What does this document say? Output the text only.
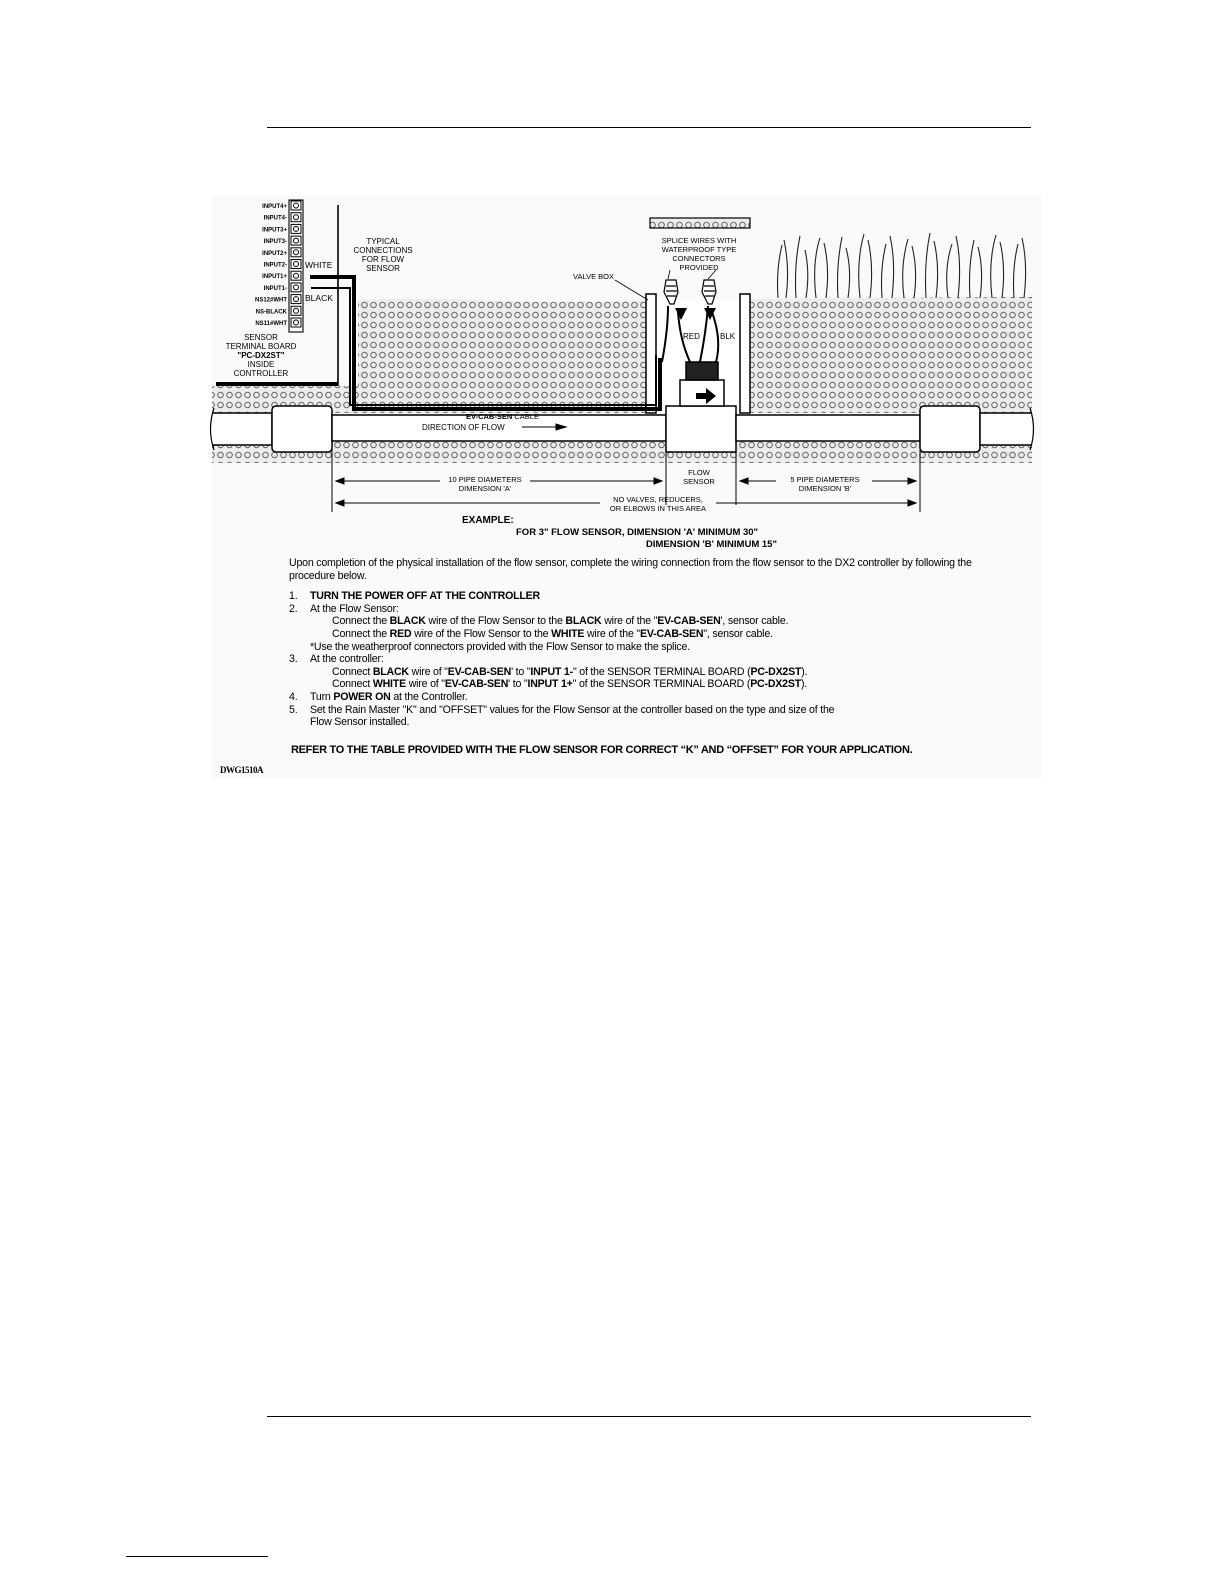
INPUT4+
INPUT4-
INPUT3+
INPUT3-
INPUT2+
INPUT2-
INPUT1+
INPUT1-
NS12#WHT
NS-BLACK
NS11#WHT
WHITE
BLACK
SENSOR
TERMINAL BOARD
"PC-DX2ST"
INSIDE
CONTROLLER
TYPICAL
CONNECTIONS
FOR FLOW
SENSOR
VALVE BOX
SPLICE WIRES WITH
WATERPROOF TYPE
CONNECTORS
PROVIDED
RED	BLK
EV-CAB-SEN CABLE
DIRECTION OF FLOW
FLOW
SENSOR
10 PIPE DIAMETERS
DIMENSION 'A'
5 PIPE DIAMETERS
DIMENSION 'B'
NO VALVES, REDUCERS,
OR ELBOWS IN THIS AREA
EXAMPLE:
FOR 3" FLOW SENSOR, DIMENSION 'A' MINIMUM 30"
DIMENSION 'B' MINIMUM 15"

Upon completion of the physical installation of the flow sensor, complete the wiring connection from the flow sensor to the DX2 controller by following the procedure below.

1. TURN THE POWER OFF AT THE CONTROLLER

2. At the Flow Sensor:

Connect the BLACK wire of the Flow Sensor to the BLACK wire of the "EV-CAB-SEN', sensor cable.

Connect the RED wire of the Flow Sensor to the WHITE wire of the "EV-CAB-SEN", sensor cable.

*Use the weatherproof connectors provided with the Flow Sensor to make the splice.

3. At the controller:

Connect BLACK wire of "EV-CAB-SEN' to "INPUT 1-" of the SENSOR TERMINAL BOARD (PC-DX2ST).

Connect WHITE wire of "EV-CAB-SEN' to "INPUT 1+" of the SENSOR TERMINAL BOARD (PC-DX2ST).

4. Turn POWER ON at the Controller.

5. Set the Rain Master "K" and "OFFSET" values for the Flow Sensor at the controller based on the type and size of the

Flow Sensor installed.

REFER TO THE TABLE PROVIDED WITH THE FLOW SENSOR FOR CORRECT “K” AND “OFFSET” FOR YOUR APPLICATION.
DWG1510A
